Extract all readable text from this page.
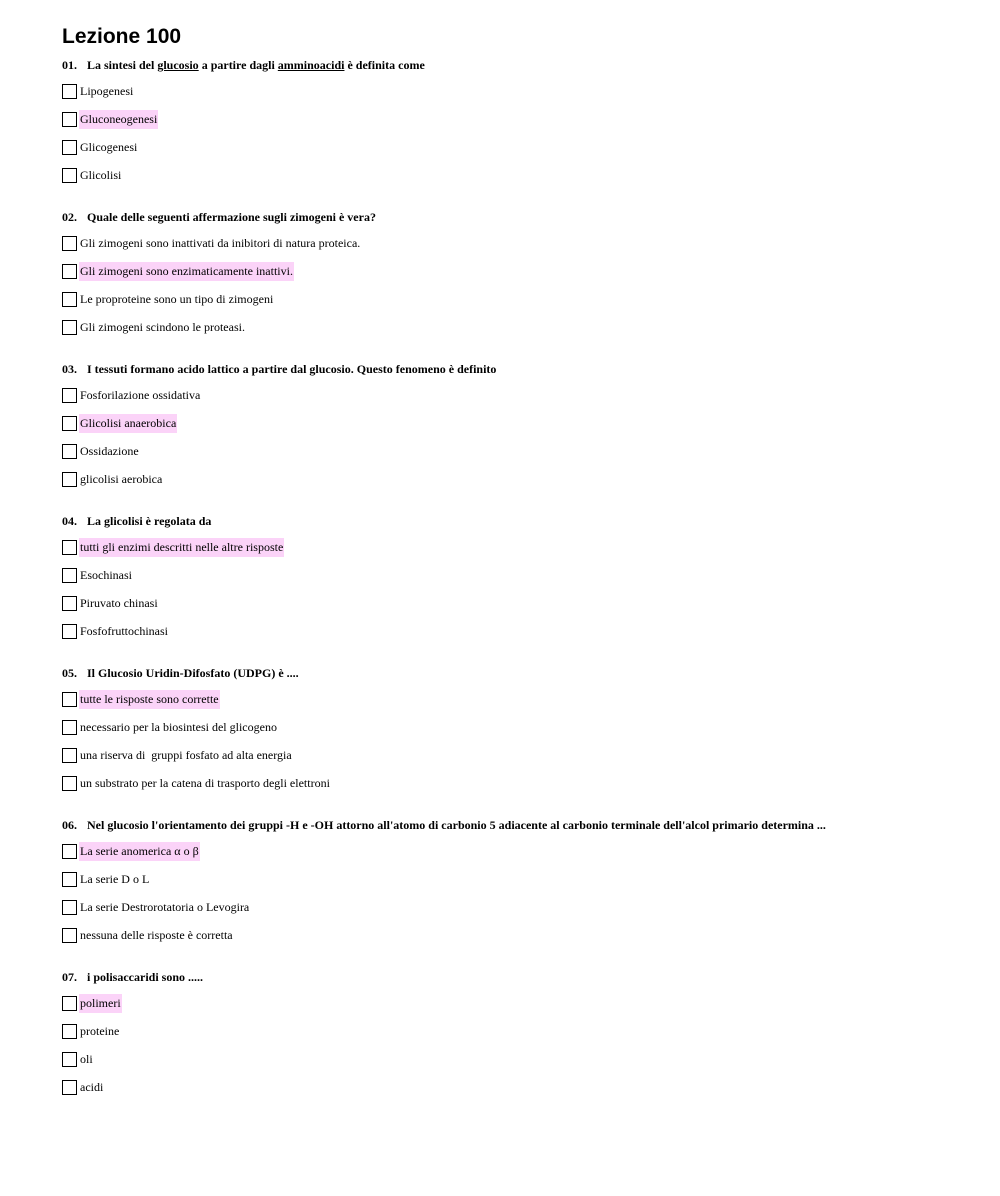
Lezione 100

01. La sintesi del glucosio a partire dagli amminoacidi è definita come

Lipogenesi
Gluconeogenesi
Glicogenesi
Glicolisi

02. Quale delle seguenti affermazione sugli zimogeni è vera?

Gli zimogeni sono inattivati da inibitori di natura proteica.
Gli zimogeni sono enzimaticamente inattivi.
Le proproteine sono un tipo di zimogeni
Gli zimogeni scindono le proteasi.

03. I tessuti formano acido lattico a partire dal glucosio. Questo fenomeno è definito

Fosforilazione ossidativa
Glicolisi anaerobica
Ossidazione
glicolisi aerobica

04. La glicolisi è regolata da

tutti gli enzimi descritti nelle altre risposte
Esochinasi
Piruvato chinasi
Fosfofruttochinasi

05. Il Glucosio Uridin-Difosfato (UDPG) è ....

tutte le risposte sono corrette
necessario per la biosintesi del glicogeno
una riserva di  gruppi fosfato ad alta energia
un substrato per la catena di trasporto degli elettroni

06. Nel glucosio l'orientamento dei gruppi -H e -OH attorno all'atomo di carbonio 5 adiacente al carbonio terminale dell'alcol primario determina ...

La serie anomerica α o β
La serie D o L
La serie Destrorotatoria o Levogira
nessuna delle risposte è corretta

07. i polisaccaridi sono .....

polimeri
proteine
oli
acidi
